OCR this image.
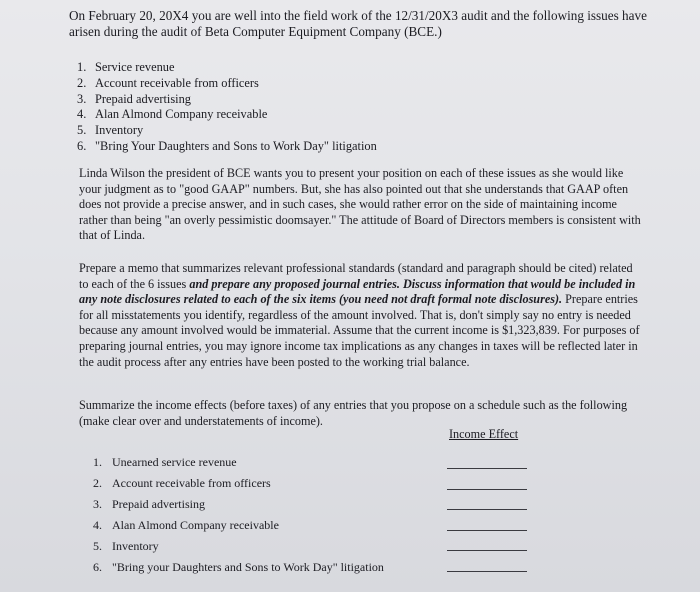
On February 20, 20X4 you are well into the field work of the 12/31/20X3 audit and the following issues have arisen during the audit of Beta Computer Equipment Company (BCE.)
1. Service revenue
2. Account receivable from officers
3. Prepaid advertising
4. Alan Almond Company receivable
5. Inventory
6. "Bring Your Daughters and Sons to Work Day" litigation
Linda Wilson the president of BCE wants you to present your position on each of these issues as she would like your judgment as to "good GAAP" numbers. But, she has also pointed out that she understands that GAAP often does not provide a precise answer, and in such cases, she would rather error on the side of maintaining income rather than being "an overly pessimistic doomsayer." The attitude of Board of Directors members is consistent with that of Linda.
Prepare a memo that summarizes relevant professional standards (standard and paragraph should be cited) related to each of the 6 issues and prepare any proposed journal entries. Discuss information that would be included in any note disclosures related to each of the six items (you need not draft formal note disclosures). Prepare entries for all misstatements you identify, regardless of the amount involved. That is, don't simply say no entry is needed because any amount involved would be immaterial. Assume that the current income is $1,323,839. For purposes of preparing journal entries, you may ignore income tax implications as any changes in taxes will be reflected later in the audit process after any entries have been posted to the working trial balance.
Summarize the income effects (before taxes) of any entries that you propose on a schedule such as the following (make clear over and understatements of income).
Income Effect
1. Unearned service revenue
2. Account receivable from officers
3. Prepaid advertising
4. Alan Almond Company receivable
5. Inventory
6. "Bring your Daughters and Sons to Work Day" litigation
